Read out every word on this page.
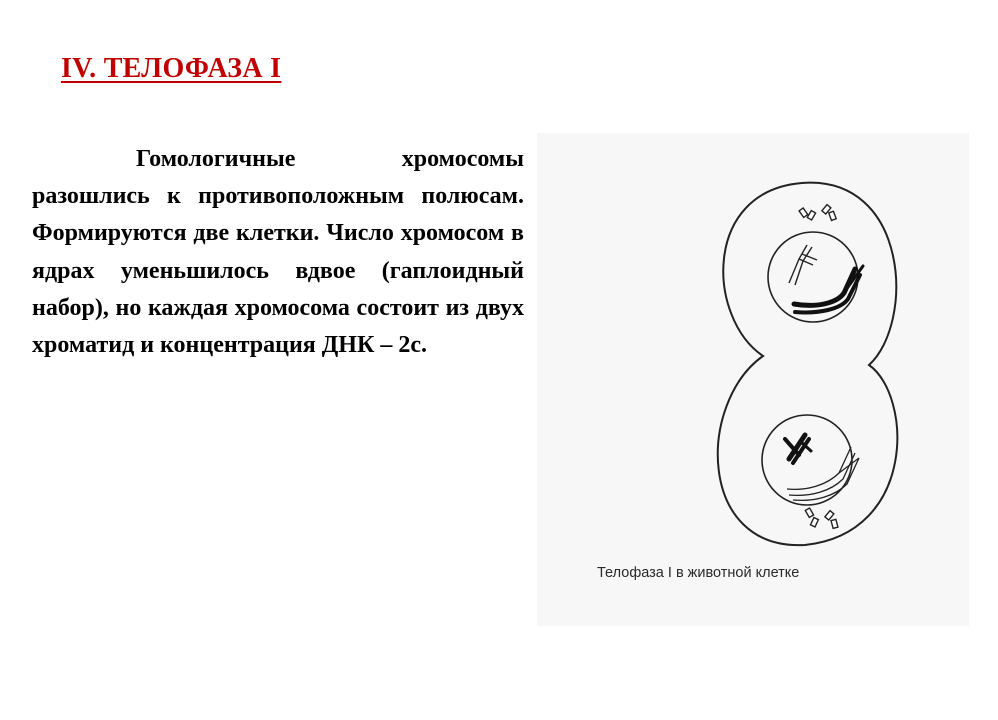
IV. ТЕЛОФАЗА I

Гомологичные хромосомы разошлись к противоположным полюсам. Формируются две клетки. Число хромосом в ядрах уменьшилось вдвое (гаплоидный набор), но каждая хромосома состоит из двух хроматид и концентрация ДНК – 2с.

Телофаза I в животной клетке
